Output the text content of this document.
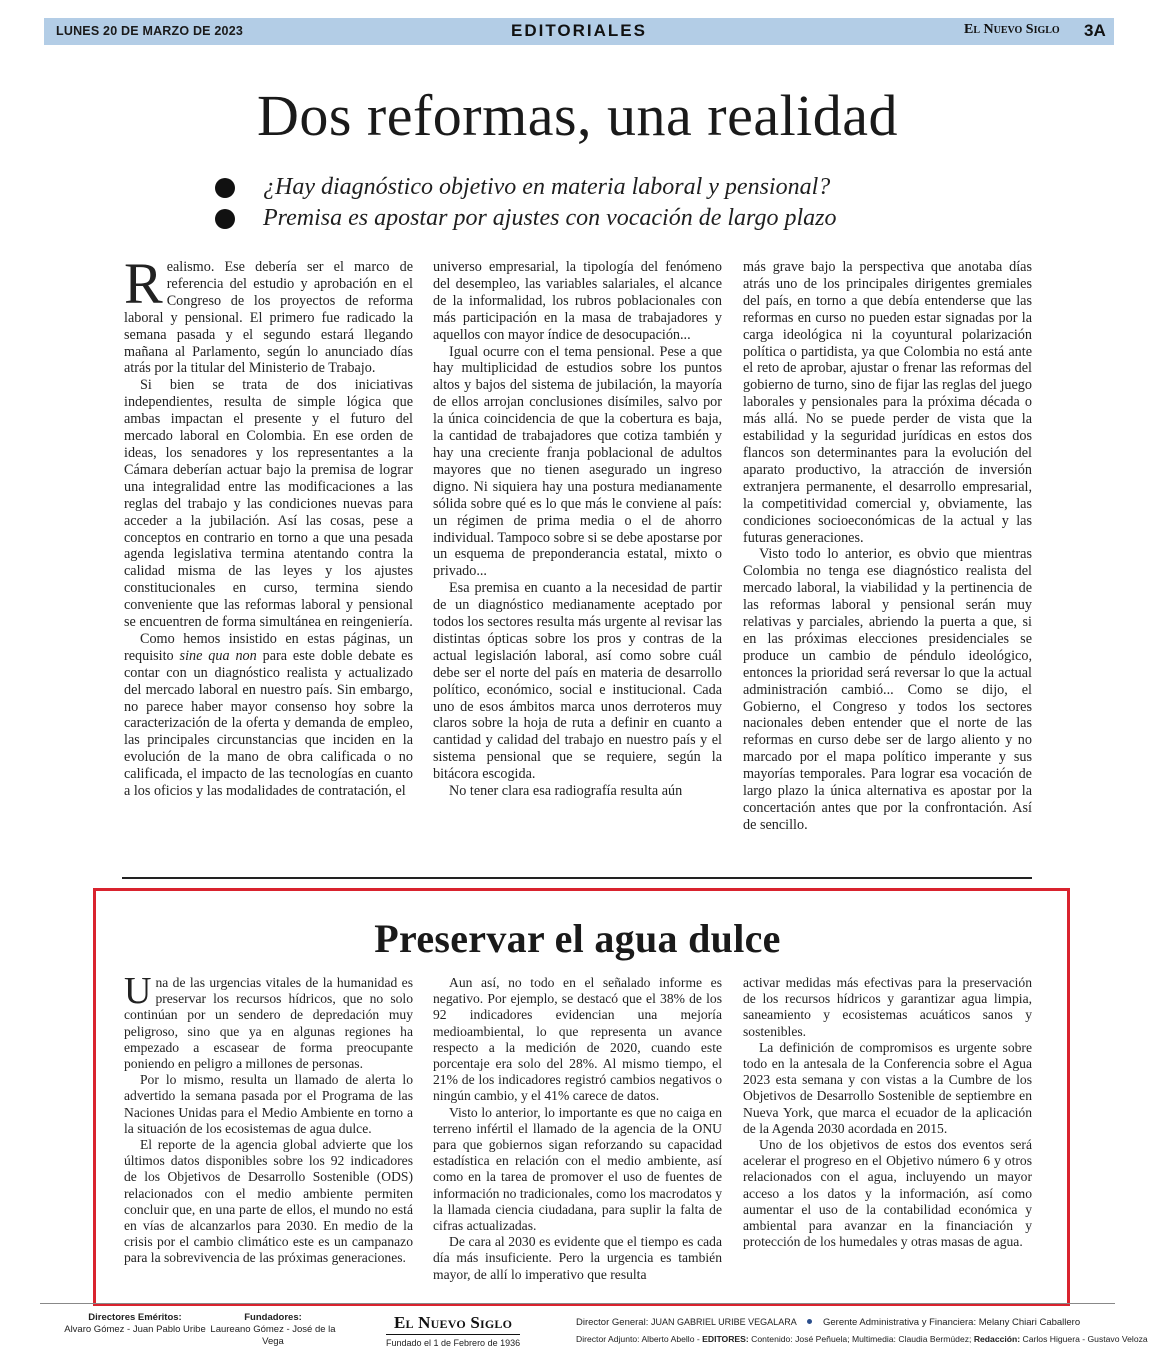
LUNES 20 DE MARZO DE 2023	EDITORIALES	El Nuevo Siglo 3A
Dos reformas, una realidad
¿Hay diagnóstico objetivo en materia laboral y pensional?
Premisa es apostar por ajustes con vocación de largo plazo

Realismo. Ese debería ser el marco de referencia del estudio y aprobación en el Congreso de los proyectos de reforma laboral y pensional. El primero fue radicado la semana pasada y el segundo estará llegando mañana al Parlamento, según lo anunciado días atrás por la titular del Ministerio de Trabajo.

Si bien se trata de dos iniciativas independientes, resulta de simple lógica que ambas impactan el presente y el futuro del mercado laboral en Colombia. En ese orden de ideas, los senadores y los representantes a la Cámara deberían actuar bajo la premisa de lograr una integralidad entre las modificaciones a las reglas del trabajo y las condiciones nuevas para acceder a la jubilación. Así las cosas, pese a conceptos en contrario en torno a que una pesada agenda legislativa termina atentando contra la calidad misma de las leyes y los ajustes constitucionales en curso, termina siendo conveniente que las reformas laboral y pensional se encuentren de forma simultánea en reingeniería.

Como hemos insistido en estas páginas, un requisito sine qua non para este doble debate es contar con un diagnóstico realista y actualizado del mercado laboral en nuestro país. Sin embargo, no parece haber mayor consenso hoy sobre la caracterización de la oferta y demanda de empleo, las principales circunstancias que inciden en la evolución de la mano de obra calificada o no calificada, el impacto de las tecnologías en cuanto a los oficios y las modalidades de contratación, el

universo empresarial, la tipología del fenómeno del desempleo, las variables salariales, el alcance de la informalidad, los rubros poblacionales con más participación en la masa de trabajadores y aquellos con mayor índice de desocupación...

Igual ocurre con el tema pensional. Pese a que hay multiplicidad de estudios sobre los puntos altos y bajos del sistema de jubilación, la mayoría de ellos arrojan conclusiones disímiles, salvo por la única coincidencia de que la cobertura es baja, la cantidad de trabajadores que cotiza también y hay una creciente franja poblacional de adultos mayores que no tienen asegurado un ingreso digno. Ni siquiera hay una postura medianamente sólida sobre qué es lo que más le conviene al país: un régimen de prima media o el de ahorro individual. Tampoco sobre si se debe apostarse por un esquema de preponderancia estatal, mixto o privado...

Esa premisa en cuanto a la necesidad de partir de un diagnóstico medianamente aceptado por todos los sectores resulta más urgente al revisar las distintas ópticas sobre los pros y contras de la actual legislación laboral, así como sobre cuál debe ser el norte del país en materia de desarrollo político, económico, social e institucional. Cada uno de esos ámbitos marca unos derroteros muy claros sobre la hoja de ruta a definir en cuanto a cantidad y calidad del trabajo en nuestro país y el sistema pensional que se requiere, según la bitácora escogida.

No tener clara esa radiografía resulta aún

más grave bajo la perspectiva que anotaba días atrás uno de los principales dirigentes gremiales del país, en torno a que debía entenderse que las reformas en curso no pueden estar signadas por la carga ideológica ni la coyuntural polarización política o partidista, ya que Colombia no está ante el reto de aprobar, ajustar o frenar las reformas del gobierno de turno, sino de fijar las reglas del juego laborales y pensionales para la próxima década o más allá. No se puede perder de vista que la estabilidad y la seguridad jurídicas en estos dos flancos son determinantes para la evolución del aparato productivo, la atracción de inversión extranjera permanente, el desarrollo empresarial, la competitividad comercial y, obviamente, las condiciones socioeconómicas de la actual y las futuras generaciones.

Visto todo lo anterior, es obvio que mientras Colombia no tenga ese diagnóstico realista del mercado laboral, la viabilidad y la pertinencia de las reformas laboral y pensional serán muy relativas y parciales, abriendo la puerta a que, si en las próximas elecciones presidenciales se produce un cambio de péndulo ideológico, entonces la prioridad será reversar lo que la actual administración cambió... Como se dijo, el Gobierno, el Congreso y todos los sectores nacionales deben entender que el norte de las reformas en curso debe ser de largo aliento y no marcado por el mapa político imperante y sus mayorías temporales. Para lograr esa vocación de largo plazo la única alternativa es apostar por la concertación antes que por la confrontación. Así de sencillo.

Preservar el agua dulce

Una de las urgencias vitales de la humanidad es preservar los recursos hídricos, que no solo continúan por un sendero de depredación muy peligroso, sino que ya en algunas regiones ha empezado a escasear de forma preocupante poniendo en peligro a millones de personas.

Por lo mismo, resulta un llamado de alerta lo advertido la semana pasada por el Programa de las Naciones Unidas para el Medio Ambiente en torno a la situación de los ecosistemas de agua dulce.

El reporte de la agencia global advierte que los últimos datos disponibles sobre los 92 indicadores de los Objetivos de Desarrollo Sostenible (ODS) relacionados con el medio ambiente permiten concluir que, en una parte de ellos, el mundo no está en vías de alcanzarlos para 2030. En medio de la crisis por el cambio climático este es un campanazo para la sobrevivencia de las próximas generaciones.

Aun así, no todo en el señalado informe es negativo. Por ejemplo, se destacó que el 38% de los 92 indicadores evidencian una mejoría medioambiental, lo que representa un avance respecto a la medición de 2020, cuando este porcentaje era solo del 28%. Al mismo tiempo, el 21% de los indicadores registró cambios negativos o ningún cambio, y el 41% carece de datos.

Visto lo anterior, lo importante es que no caiga en terreno infértil el llamado de la agencia de la ONU para que gobiernos sigan reforzando su capacidad estadística en relación con el medio ambiente, así como en la tarea de promover el uso de fuentes de información no tradicionales, como los macrodatos y la llamada ciencia ciudadana, para suplir la falta de cifras actualizadas.

De cara al 2030 es evidente que el tiempo es cada día más insuficiente. Pero la urgencia es también mayor, de allí lo imperativo que resulta

activar medidas más efectivas para la preservación de los recursos hídricos y garantizar agua limpia, saneamiento y ecosistemas acuáticos sanos y sostenibles.

La definición de compromisos es urgente sobre todo en la antesala de la Conferencia sobre el Agua 2023 esta semana y con vistas a la Cumbre de los Objetivos de Desarrollo Sostenible de septiembre en Nueva York, que marca el ecuador de la aplicación de la Agenda 2030 acordada en 2015.

Uno de los objetivos de estos dos eventos será acelerar el progreso en el Objetivo número 6 y otros relacionados con el agua, incluyendo un mayor acceso a los datos y la información, así como aumentar el uso de la contabilidad económica y ambiental para avanzar en la financiación y protección de los humedales y otras masas de agua.

Directores Eméritos:
Alvaro Gómez - Juan Pablo Uribe
Fundadores:
Laureano Gómez - José de la Vega
El Nuevo Siglo
Fundado el 1 de Febrero de 1936
Director General: JUAN GABRIEL URIBE VEGALARA	Gerente Administrativa y Financiera: Melany Chiari Caballero
Director Adjunto: Alberto Abello - EDITORES: Contenido: José Peñuela; Multimedia: Claudia Bermúdez; Redacción: Carlos Higuera - Gustavo Veloza
